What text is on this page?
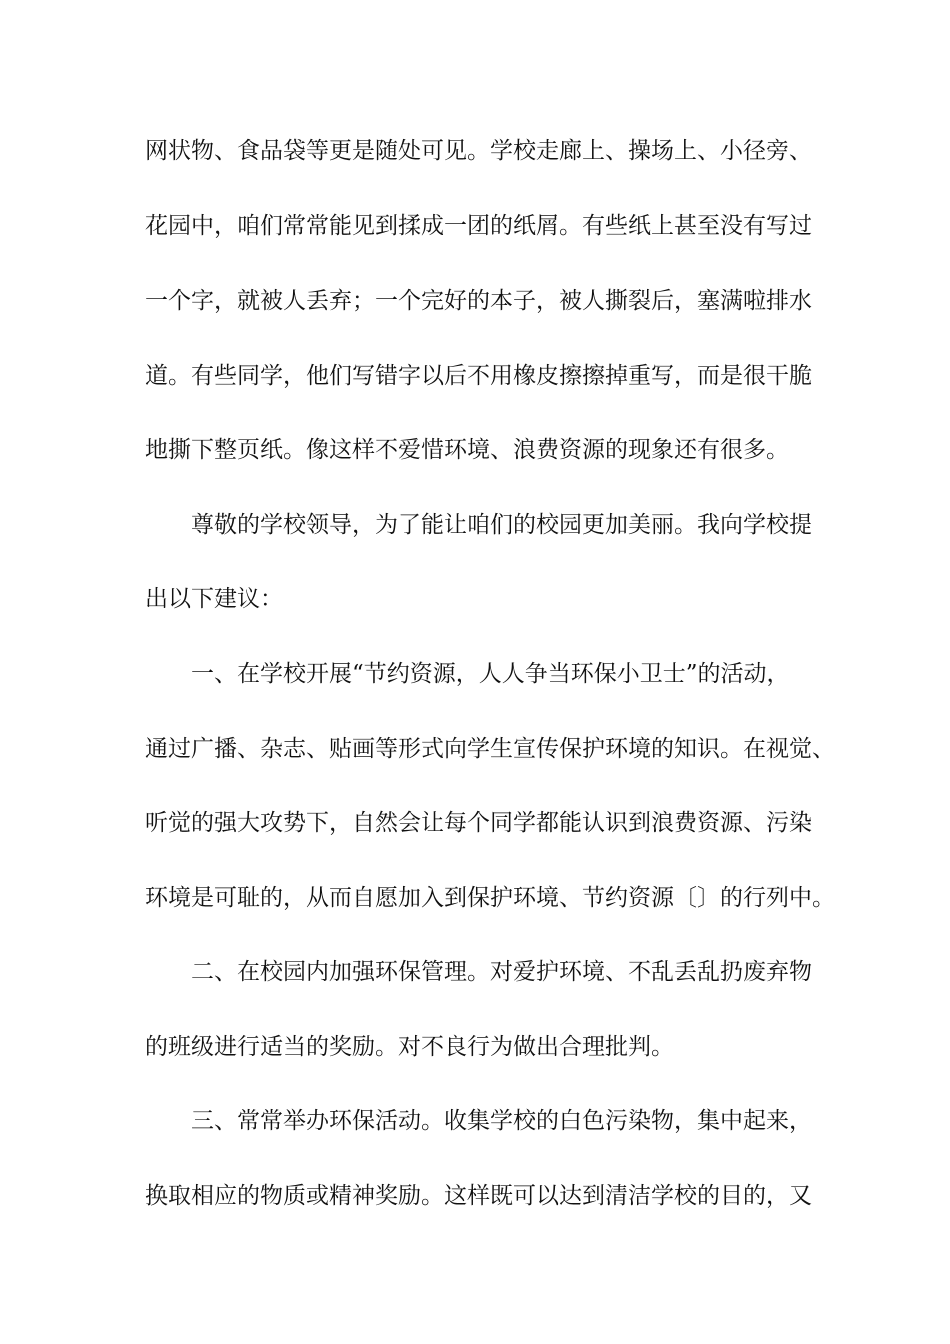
网状物、食品袋等更是随处可见。学校走廊上、操场上、小径旁、
花园中，咱们常常能见到揉成一团的纸屑。有些纸上甚至没有写过
一个字，就被人丢弃；一个完好的本子，被人撕裂后，塞满啦排水
道。有些同学，他们写错字以后不用橡皮擦擦掉重写，而是很干脆
地撕下整页纸。像这样不爱惜环境、浪费资源的现象还有很多。
尊敬的学校领导，为了能让咱们的校园更加美丽。我向学校提
出以下建议：
一、在学校开展“节约资源，人人争当环保小卫士”的活动，
通过广播、杂志、贴画等形式向学生宣传保护环境的知识。在视觉、
听觉的强大攻势下，自然会让每个同学都能认识到浪费资源、污染
环境是可耻的，从而自愿加入到保护环境、节约资源〔〕的行列中。
二、在校园内加强环保管理。对爱护环境、不乱丢乱扔废弃物
的班级进行适当的奖励。对不良行为做出合理批判。
三、常常举办环保活动。收集学校的白色污染物，集中起来，
换取相应的物质或精神奖励。这样既可以达到清洁学校的目的，又
